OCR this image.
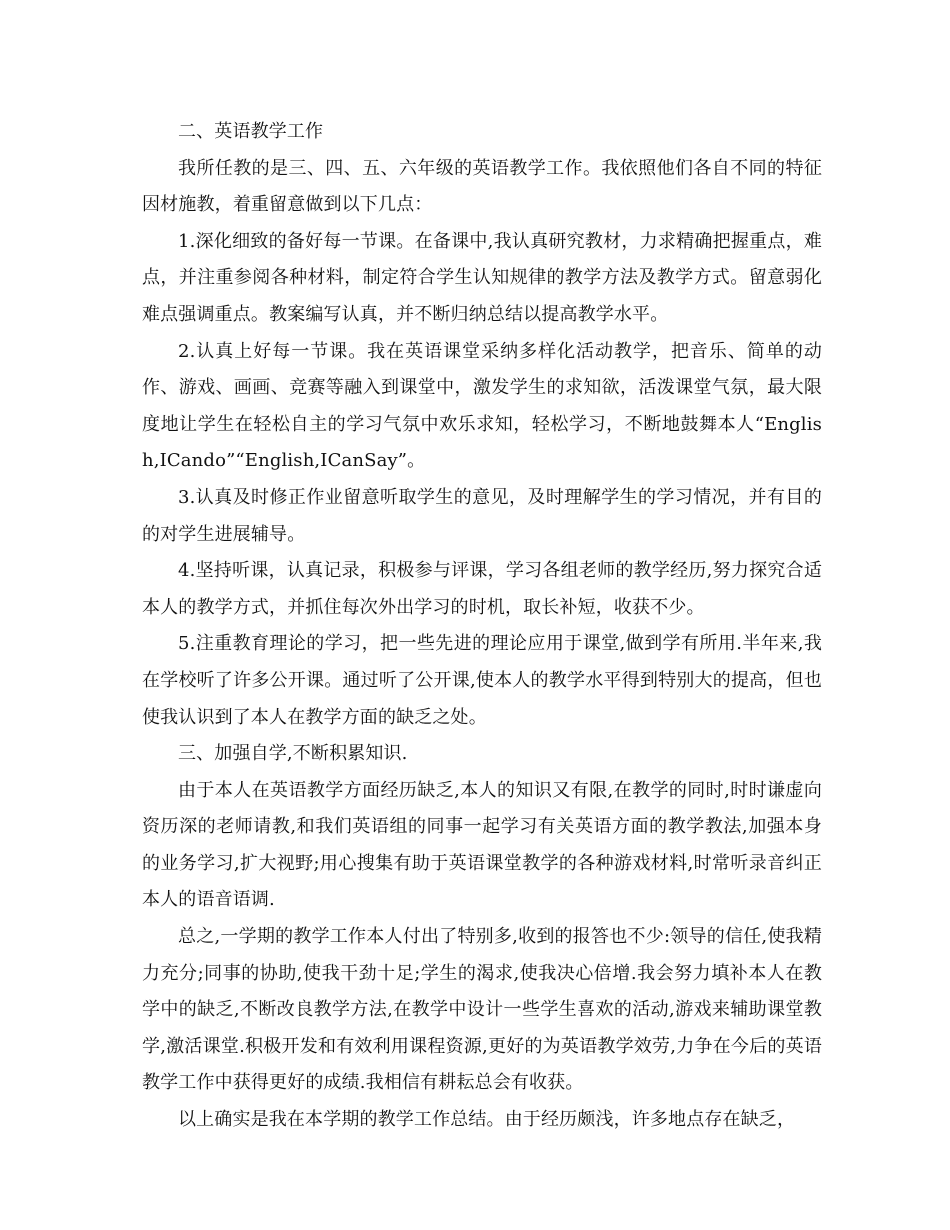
二、英语教学工作

我所任教的是三、四、五、六年级的英语教学工作。我依照他们各自不同的特征因材施教，着重留意做到以下几点：

1.深化细致的备好每一节课。在备课中,我认真研究教材，力求精确把握重点，难点，并注重参阅各种材料，制定符合学生认知规律的教学方法及教学方式。留意弱化难点强调重点。教案编写认真，并不断归纳总结以提高教学水平。

2.认真上好每一节课。我在英语课堂采纳多样化活动教学，把音乐、简单的动作、游戏、画画、竞赛等融入到课堂中，激发学生的求知欲，活泼课堂气氛，最大限度地让学生在轻松自主的学习气氛中欢乐求知，轻松学习，不断地鼓舞本人“English,ICando”“English,ICanSay”。

3.认真及时修正作业留意听取学生的意见，及时理解学生的学习情况，并有目的的对学生进展辅导。

4.坚持听课，认真记录，积极参与评课，学习各组老师的教学经历,努力探究合适本人的教学方式，并抓住每次外出学习的时机，取长补短，收获不少。

5.注重教育理论的学习，把一些先进的理论应用于课堂,做到学有所用.半年来,我在学校听了许多公开课。通过听了公开课,使本人的教学水平得到特别大的提高，但也使我认识到了本人在教学方面的缺乏之处。

三、加强自学,不断积累知识.

由于本人在英语教学方面经历缺乏,本人的知识又有限,在教学的同时,时时谦虚向资历深的老师请教,和我们英语组的同事一起学习有关英语方面的教学教法,加强本身的业务学习,扩大视野;用心搜集有助于英语课堂教学的各种游戏材料,时常听录音纠正本人的语音语调.

总之,一学期的教学工作本人付出了特别多,收到的报答也不少:领导的信任,使我精力充分;同事的协助,使我干劲十足;学生的渴求,使我决心倍增.我会努力填补本人在教学中的缺乏,不断改良教学方法,在教学中设计一些学生喜欢的活动,游戏来辅助课堂教学,激活课堂.积极开发和有效利用课程资源,更好的为英语教学效劳,力争在今后的英语教学工作中获得更好的成绩.我相信有耕耘总会有收获。

以上确实是我在本学期的教学工作总结。由于经历颇浅，许多地点存在缺乏，
